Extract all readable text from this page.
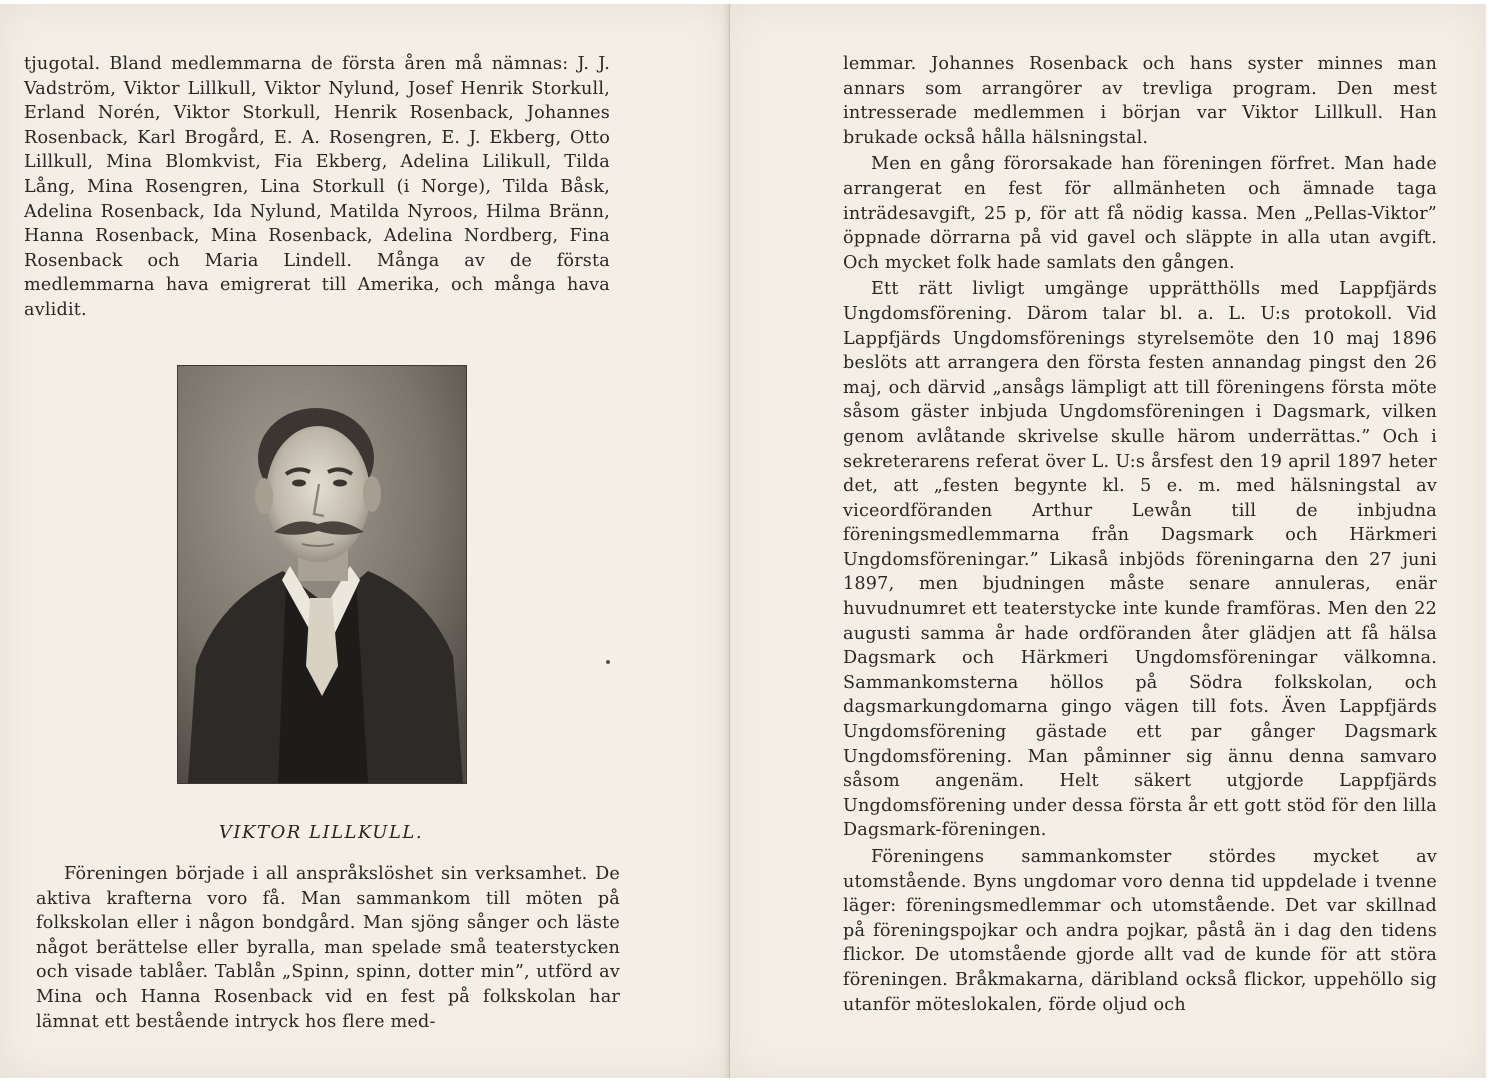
tjugotal. Bland medlemmarna de första åren må nämnas: J. J. Vadström, Viktor Lillkull, Viktor Nylund, Josef Henrik Storkull, Erland Norén, Viktor Storkull, Henrik Rosenback, Johannes Rosenback, Karl Brogård, E. A. Rosengren, E. J. Ekberg, Otto Lillkull, Mina Blomkvist, Fia Ekberg, Adelina Lilikull, Tilda Lång, Mina Rosengren, Lina Storkull (i Norge), Tilda Båsk, Adelina Rosenback, Ida Nylund, Matilda Nyroos, Hilma Bränn, Hanna Rosenback, Mina Rosenback, Adelina Nordberg, Fina Rosenback och Maria Lindell. Många av de första medlemmarna hava emigrerat till Amerika, och många hava avlidit.

VIKTOR LILLKULL.

Föreningen började i all anspråkslöshet sin verksamhet. De aktiva krafterna voro få. Man sammankom till möten på folkskolan eller i någon bondgård. Man sjöng sånger och läste något berättelse eller byralla, man spelade små teaterstycken och visade tablåer. Tablån „Spinn, spinn, dotter min”, utförd av Mina och Hanna Rosenback vid en fest på folkskolan har lämnat ett bestående intryck hos flere med-

lemmar. Johannes Rosenback och hans syster minnes man annars som arrangörer av trevliga program. Den mest intresserade medlemmen i början var Viktor Lillkull. Han brukade också hålla hälsningstal.

Men en gång förorsakade han föreningen förfret. Man hade arrangerat en fest för allmänheten och ämnade taga inträdesavgift, 25 p, för att få nödig kassa. Men „Pellas-Viktor” öppnade dörrarna på vid gavel och släppte in alla utan avgift. Och mycket folk hade samlats den gången.

Ett rätt livligt umgänge upprätthölls med Lappfjärds Ungdomsförening. Därom talar bl. a. L. U:s protokoll. Vid Lappfjärds Ungdomsförenings styrelsemöte den 10 maj 1896 beslöts att arrangera den första festen annandag pingst den 26 maj, och därvid „ansågs lämpligt att till föreningens första möte såsom gäster inbjuda Ungdomsföreningen i Dagsmark, vilken genom avlåtande skrivelse skulle härom underrättas.” Och i sekreterarens referat över L. U:s årsfest den 19 april 1897 heter det, att „festen begynte kl. 5 e. m. med hälsningstal av viceordföranden Arthur Lewån till de inbjudna föreningsmedlemmarna från Dagsmark och Härkmeri Ungdomsföreningar.” Likaså inbjöds föreningarna den 27 juni 1897, men bjudningen måste senare annuleras, enär huvudnumret ett teaterstycke inte kunde framföras. Men den 22 augusti samma år hade ordföranden åter glädjen att få hälsa Dagsmark och Härkmeri Ungdomsföreningar välkomna. Sammankomsterna höllos på Södra folkskolan, och dagsmarkungdomarna gingo vägen till fots. Även Lappfjärds Ungdomsförening gästade ett par gånger Dagsmark Ungdomsförening. Man påminner sig ännu denna samvaro såsom angenäm. Helt säkert utgjorde Lappfjärds Ungdomsförening under dessa första år ett gott stöd för den lilla Dagsmark-föreningen.

Föreningens sammankomster stördes mycket av utomstående. Byns ungdomar voro denna tid uppdelade i tvenne läger: föreningsmedlemmar och utomstående. Det var skillnad på föreningspojkar och andra pojkar, påstå än i dag den tidens flickor. De utomstående gjorde allt vad de kunde för att störa föreningen. Bråkmakarna, däribland också flickor, uppehöllo sig utanför möteslokalen, förde oljud och
